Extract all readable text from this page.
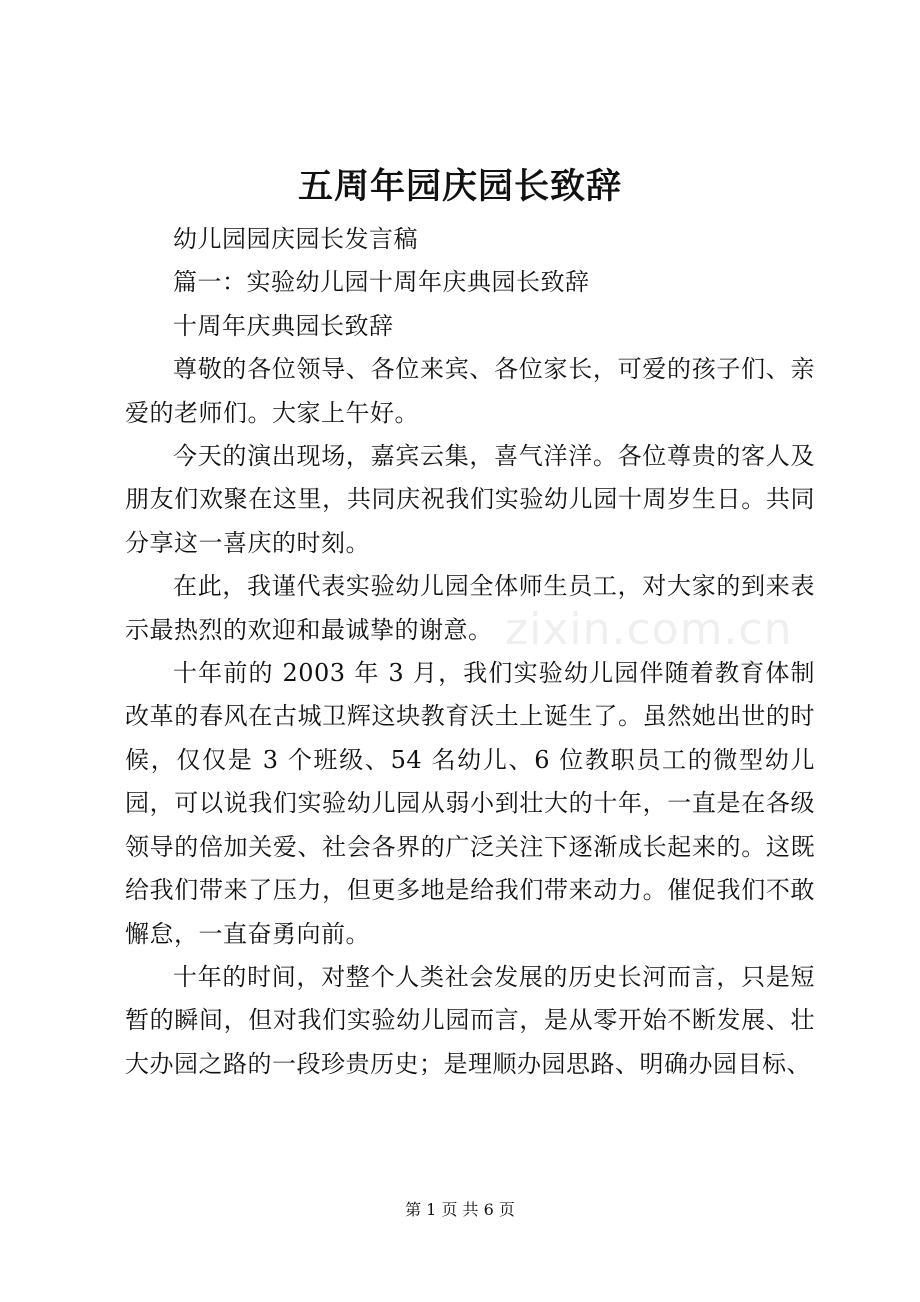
五周年园庆园长致辞

幼儿园园庆园长发言稿

篇一：实验幼儿园十周年庆典园长致辞

十周年庆典园长致辞

尊敬的各位领导、各位来宾、各位家长，可爱的孩子们、亲爱的老师们。大家上午好。

今天的演出现场，嘉宾云集，喜气洋洋。各位尊贵的客人及朋友们欢聚在这里，共同庆祝我们实验幼儿园十周岁生日。共同分享这一喜庆的时刻。

在此，我谨代表实验幼儿园全体师生员工，对大家的到来表示最热烈的欢迎和最诚挚的谢意。

十年前的 2003 年 3 月，我们实验幼儿园伴随着教育体制改革的春风在古城卫辉这块教育沃土上诞生了。虽然她出世的时候，仅仅是 3 个班级、54 名幼儿、6 位教职员工的微型幼儿园，可以说我们实验幼儿园从弱小到壮大的十年，一直是在各级领导的倍加关爱、社会各界的广泛关注下逐渐成长起来的。这既给我们带来了压力，但更多地是给我们带来动力。催促我们不敢懈怠，一直奋勇向前。

十年的时间，对整个人类社会发展的历史长河而言，只是短暂的瞬间，但对我们实验幼儿园而言，是从零开始不断发展、壮大办园之路的一段珍贵历史；是理顺办园思路、明确办园目标、

zixin.com.cn
第 1 页 共 6 页
